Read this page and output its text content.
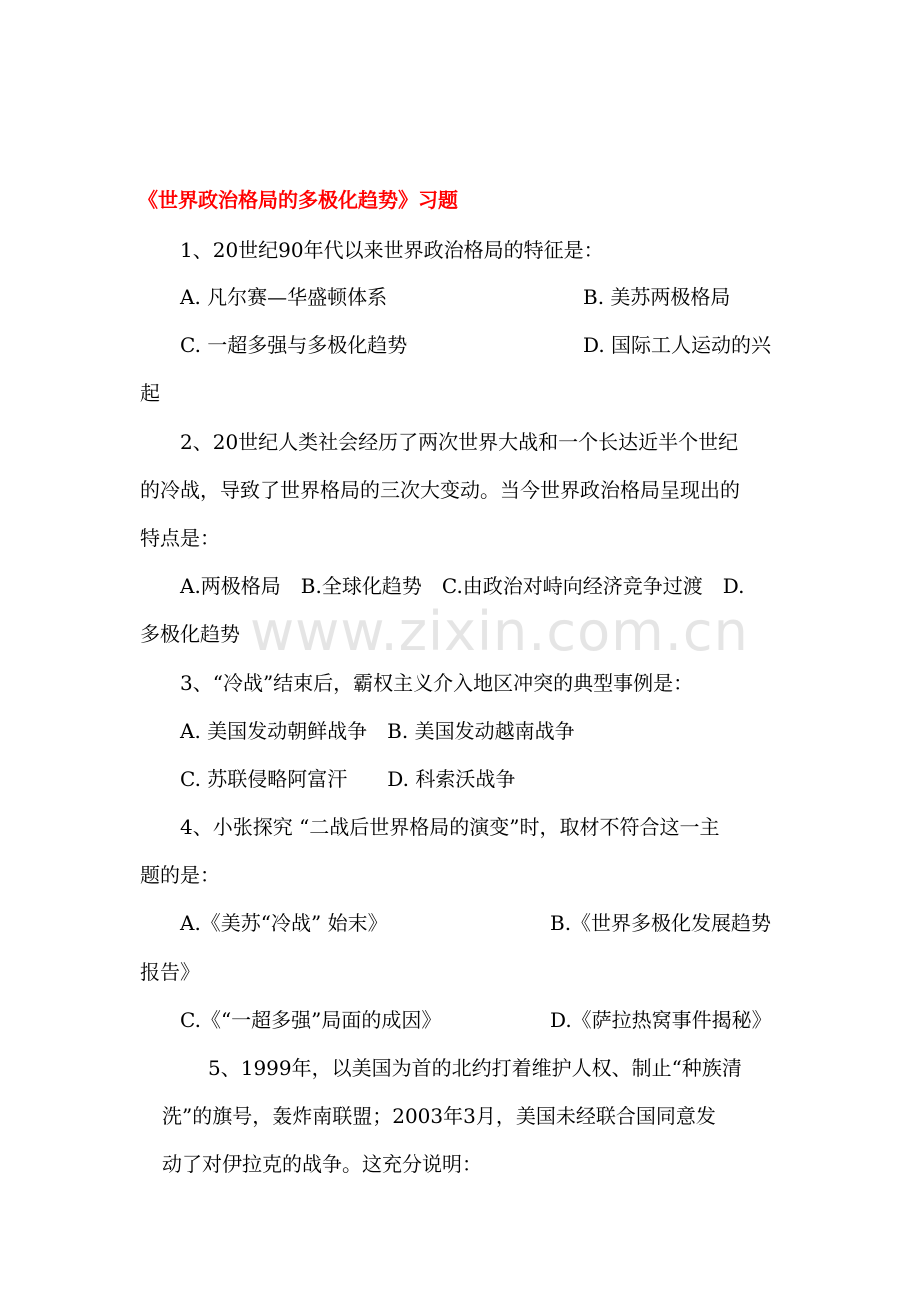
《世界政治格局的多极化趋势》习题
1、20世纪90年代以来世界政治格局的特征是：
A. 凡尔赛—华盛顿体系	B. 美苏两极格局
C. 一超多强与多极化趋势	D. 国际工人运动的兴
起
2、20世纪人类社会经历了两次世界大战和一个长达近半个世纪
的冷战，导致了世界格局的三次大变动。当今世界政治格局呈现出的
特点是：
A.两极格局　B.全球化趋势　C.由政治对峙向经济竞争过渡　D.
多极化趋势
3、“冷战”结束后，霸权主义介入地区冲突的典型事例是：
A. 美国发动朝鲜战争　B. 美国发动越南战争
C. 苏联侵略阿富汗　　D. 科索沃战争
4、小张探究 “二战后世界格局的演变”时，取材不符合这一主
题的是：
A.《美苏“冷战” 始末》	B.《世界多极化发展趋势
报告》
C.《“一超多强”局面的成因》	D.《萨拉热窝事件揭秘》
5、1999年，以美国为首的北约打着维护人权、制止“种族清
洗”的旗号，轰炸南联盟；2003年3月，美国未经联合国同意发
动了对伊拉克的战争。这充分说明：
www.zixin.com.cn
